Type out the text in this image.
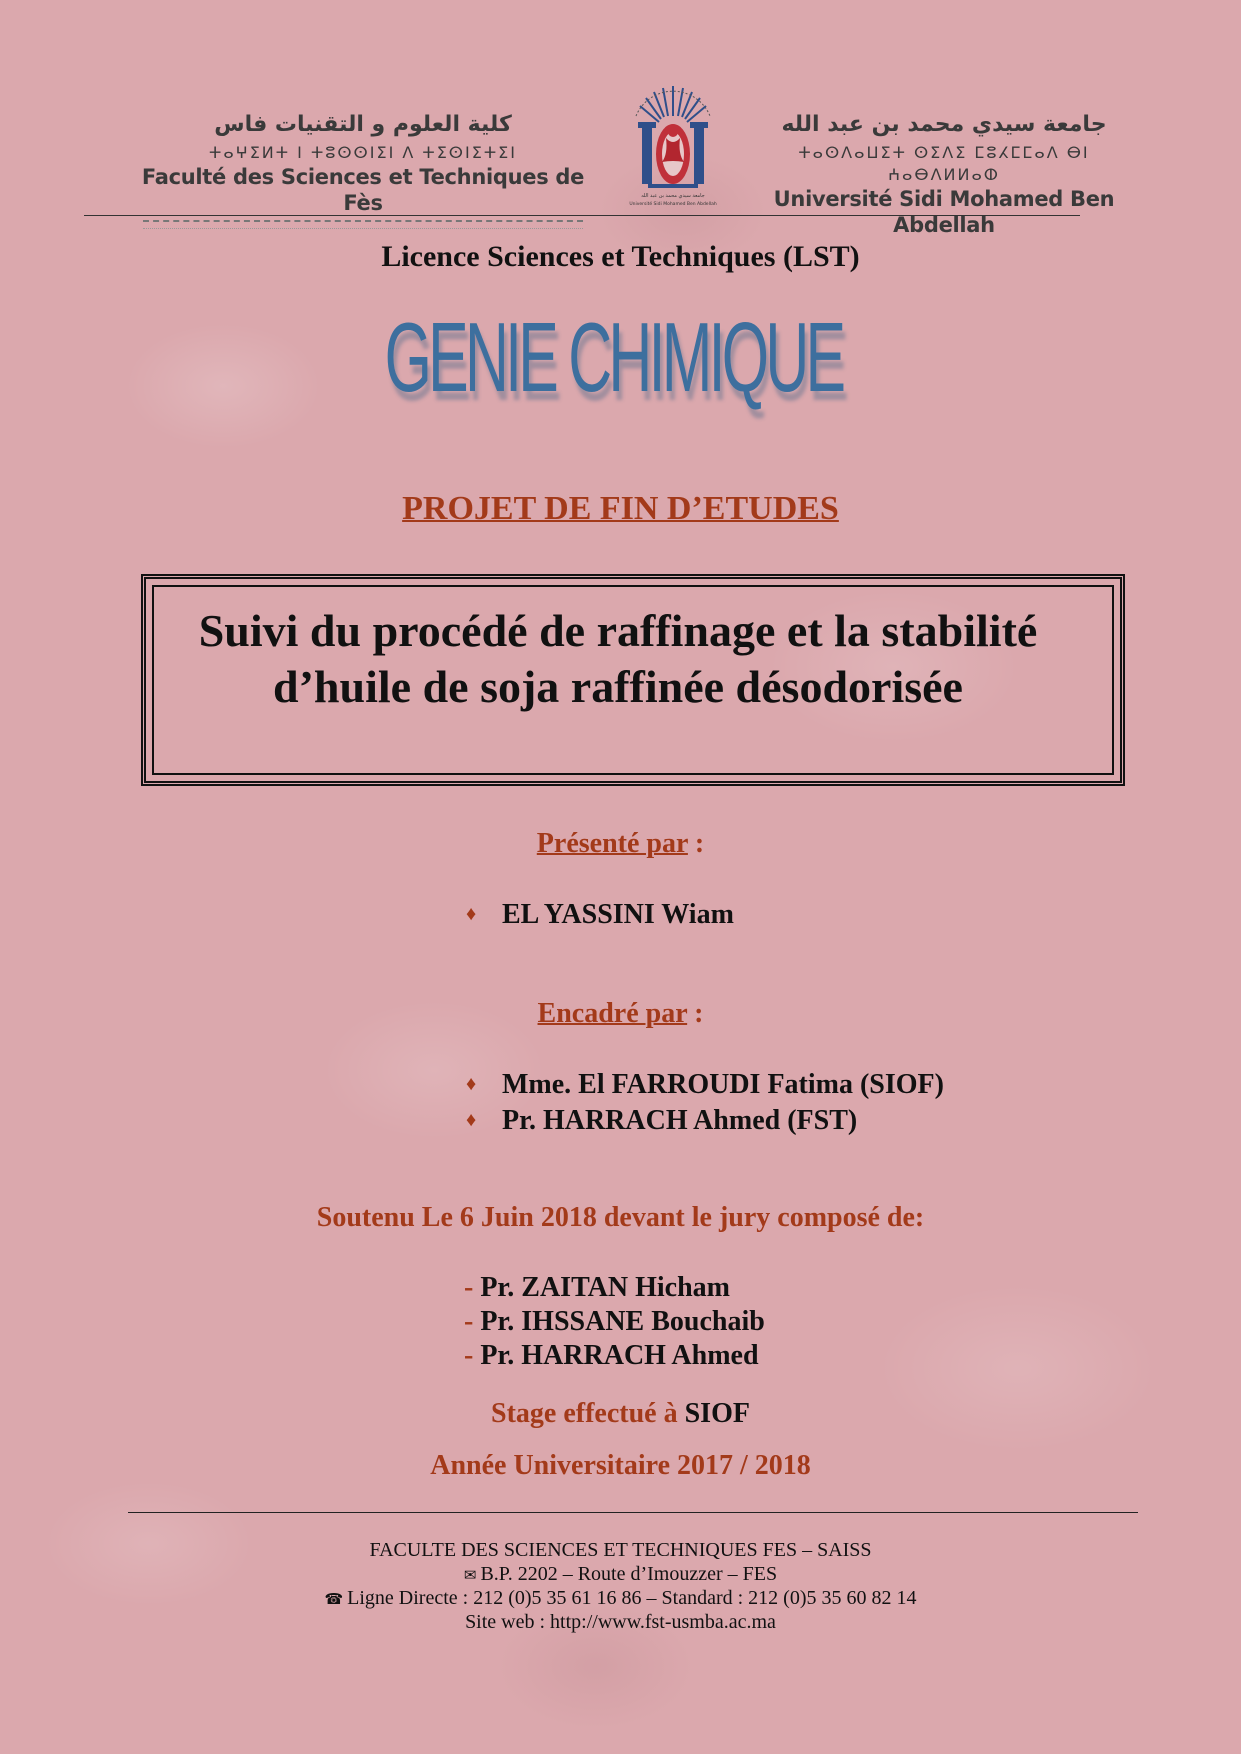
كلية العلوم و التقنيات فاس
ⵜⴰⵖⵉⵍⵜ ⵏ ⵜⵓⵙⵙⵏⵉⵏ ⴷ ⵜⵉⵙⵏⵉⵜⵉⵏ
Faculté des Sciences et Techniques de Fès	جامعة سيدي محمد بن عبد الله
Université Sidi Mohamed Ben Abdellah
جامعة سيدي محمد بن عبد الله
ⵜⴰⵙⴷⴰⵡⵉⵜ ⵙⵉⴷⵉ ⵎⵓⵃⵎⵎⴰⴷ ⴱⵏ ⵄⴰⴱⴷⵍⵍⴰⵀ
Université Sidi Mohamed Ben Abdellah
Licence Sciences et Techniques (LST)
GENIE CHIMIQUE
PROJET DE FIN D’ETUDES
Suivi du procédé de raffinage et la stabilité
d’huile de soja raffinée désodorisée
Présenté par :
♦ EL YASSINI Wiam
Encadré par :
♦ Mme. El FARROUDI Fatima (SIOF)
♦ Pr. HARRACH Ahmed (FST)
Soutenu Le 6 Juin 2018 devant le jury composé de:
- Pr. ZAITAN Hicham
- Pr. IHSSANE Bouchaib
- Pr. HARRACH Ahmed
Stage effectué à SIOF
Année Universitaire 2017 / 2018
FACULTE DES SCIENCES ET TECHNIQUES FES – SAISS
✉ B.P. 2202 – Route d’Imouzzer – FES
☎ Ligne Directe : 212 (0)5 35 61 16 86 – Standard : 212 (0)5 35 60 82 14
Site web : http://www.fst-usmba.ac.ma
